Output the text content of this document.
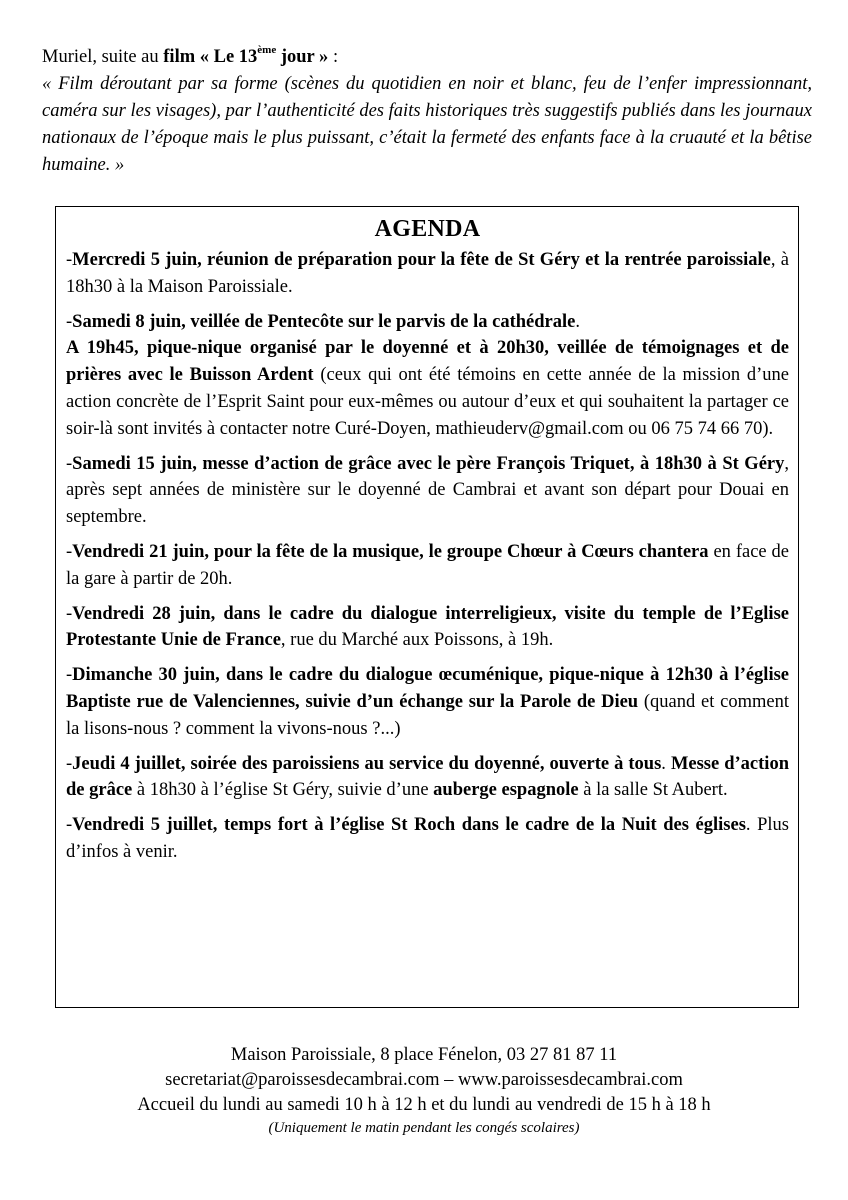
Muriel, suite au film « Le 13ème jour » :
« Film déroutant par sa forme (scènes du quotidien en noir et blanc, feu de l’enfer impressionnant, caméra sur les visages), par l’authenticité des faits historiques très suggestifs publiés dans les journaux nationaux de l’époque mais le plus puissant, c’était la fermeté des enfants face à la cruauté et la bêtise humaine. »
AGENDA
-Mercredi 5 juin, réunion de préparation pour la fête de St Géry et la rentrée paroissiale, à 18h30 à la Maison Paroissiale.
-Samedi 8 juin, veillée de Pentecôte sur le parvis de la cathédrale.
A 19h45, pique-nique organisé par le doyenné et à 20h30, veillée de témoignages et de prières avec le Buisson Ardent (ceux qui ont été témoins en cette année de la mission d’une action concrète de l’Esprit Saint pour eux-mêmes ou autour d’eux et qui souhaitent la partager ce soir-là sont invités à contacter notre Curé-Doyen, mathieuderv@gmail.com ou 06 75 74 66 70).
-Samedi 15 juin, messe d’action de grâce avec le père François Triquet, à 18h30 à St Géry, après sept années de ministère sur le doyenné de Cambrai et avant son départ pour Douai en septembre.
-Vendredi 21 juin, pour la fête de la musique, le groupe Chœur à Cœurs chantera en face de la gare à partir de 20h.
-Vendredi 28 juin, dans le cadre du dialogue interreligieux, visite du temple de l’Eglise Protestante Unie de France, rue du Marché aux Poissons, à 19h.
-Dimanche 30 juin, dans le cadre du dialogue œcuménique, pique-nique à 12h30 à l’église Baptiste rue de Valenciennes, suivie d’un échange sur la Parole de Dieu (quand et comment la lisons-nous ? comment la vivons-nous ?...)
-Jeudi 4 juillet, soirée des paroissiens au service du doyenné, ouverte à tous. Messe d’action de grâce à 18h30 à l’église St Géry, suivie d’une auberge espagnole à la salle St Aubert.
-Vendredi 5 juillet, temps fort à l’église St Roch dans le cadre de la Nuit des églises. Plus d’infos à venir.
Maison Paroissiale, 8 place Fénelon, 03 27 81 87 11
secretariat@paroissesdecambrai.com – www.paroissesdecambrai.com
Accueil du lundi au samedi 10 h à 12 h et du lundi au vendredi de 15 h à 18 h
(Uniquement le matin pendant les congés scolaires)
